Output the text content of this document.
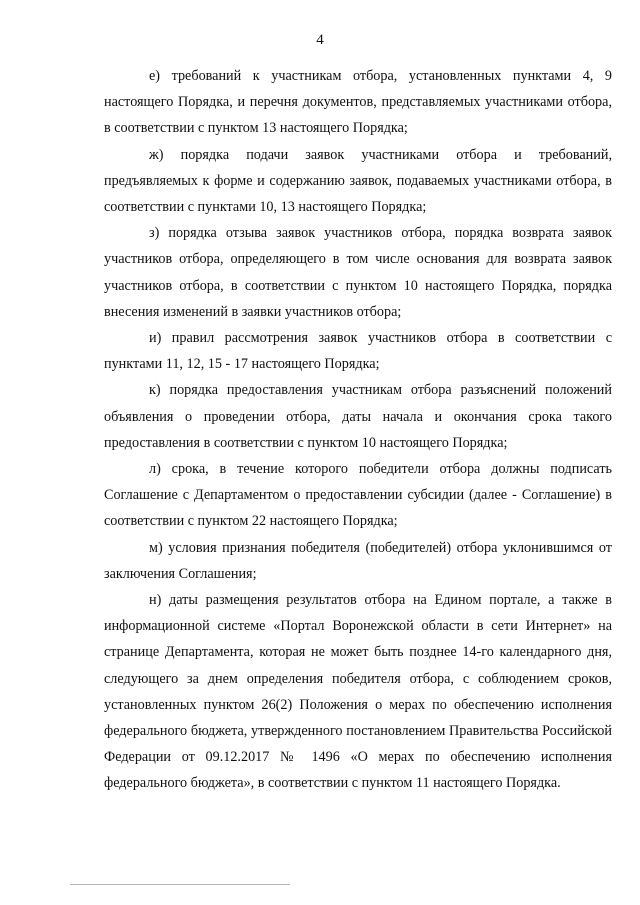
4

е) требований к участникам отбора, установленных пунктами 4, 9 настоящего Порядка, и перечня документов, представляемых участниками отбора, в соответствии с пунктом 13 настоящего Порядка;

ж) порядка подачи заявок участниками отбора и требований, предъявляемых к форме и содержанию заявок, подаваемых участниками отбора, в соответствии с пунктами 10, 13 настоящего Порядка;

з) порядка отзыва заявок участников отбора, порядка возврата заявок участников отбора, определяющего в том числе основания для возврата заявок участников отбора, в соответствии с пунктом 10 настоящего Порядка, порядка внесения изменений в заявки участников отбора;

и) правил рассмотрения заявок участников отбора в соответствии с пунктами 11, 12, 15 - 17 настоящего Порядка;

к) порядка предоставления участникам отбора разъяснений положений объявления о проведении отбора, даты начала и окончания срока такого предоставления в соответствии с пунктом 10 настоящего Порядка;

л) срока, в течение которого победители отбора должны подписать Соглашение с Департаментом о предоставлении субсидии (далее - Соглашение) в соответствии с пунктом 22 настоящего Порядка;

м) условия признания победителя (победителей) отбора уклонившимся от заключения Соглашения;

н) даты размещения результатов отбора на Едином портале, а также в информационной системе «Портал Воронежской области в сети Интернет» на странице Департамента, которая не может быть позднее 14-го календарного дня, следующего за днем определения победителя отбора, с соблюдением сроков, установленных пунктом 26(2) Положения о мерах по обеспечению исполнения федерального бюджета, утвержденного постановлением Правительства Российской Федерации от 09.12.2017 № 1496 «О мерах по обеспечению исполнения федерального бюджета», в соответствии с пунктом 11 настоящего Порядка.
